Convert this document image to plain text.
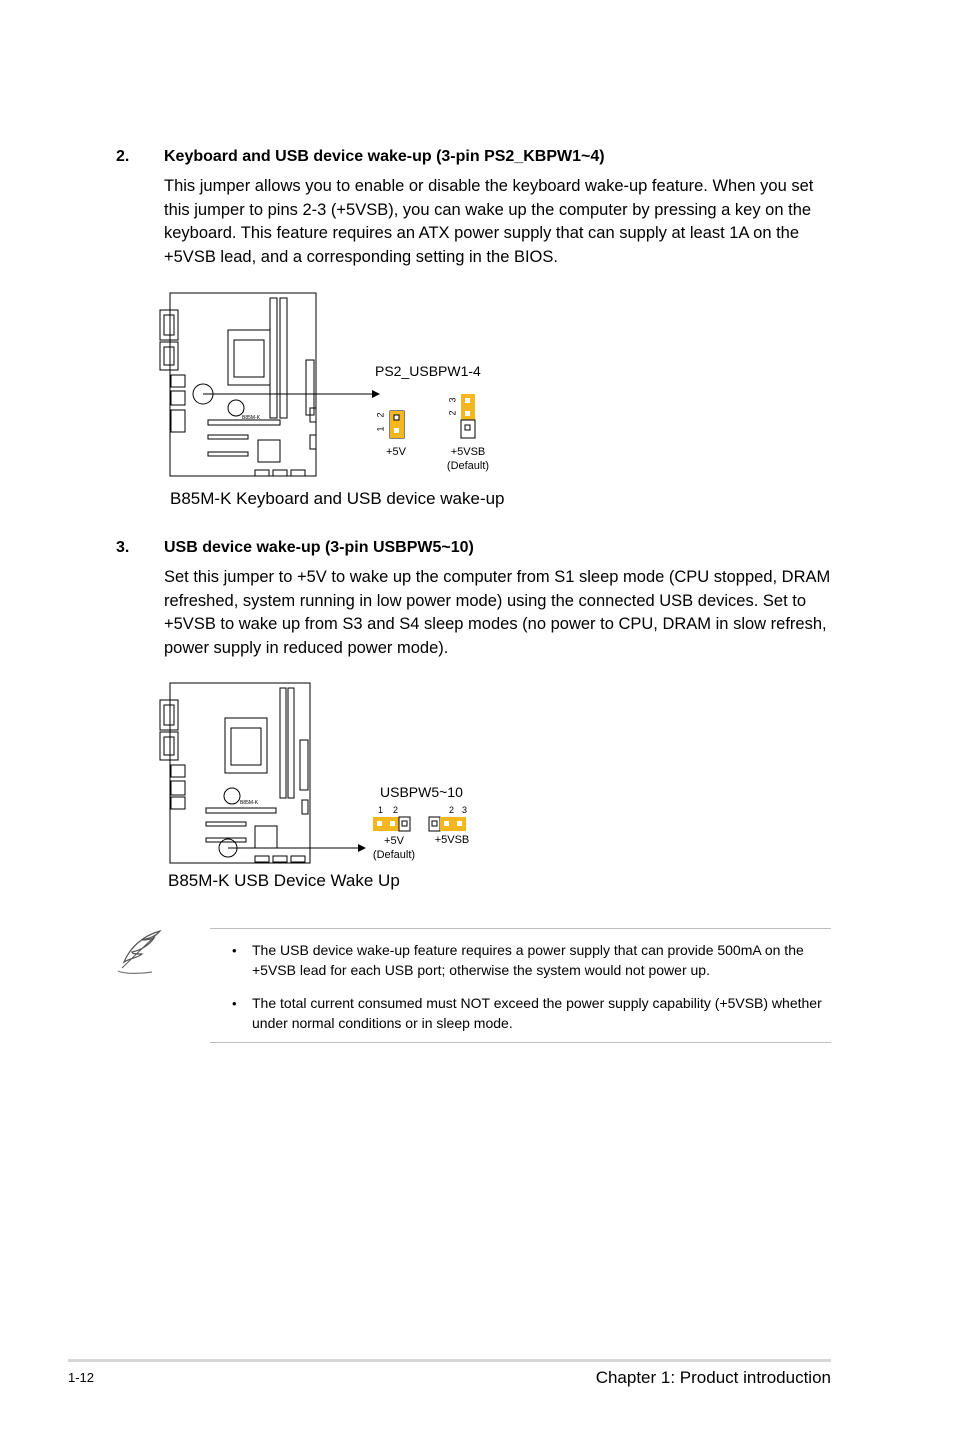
2. Keyboard and USB device wake-up (3-pin PS2_KBPW1~4)
This jumper allows you to enable or disable the keyboard wake-up feature. When you set this jumper to pins 2-3 (+5VSB), you can wake up the computer by pressing a key on the keyboard. This feature requires an ATX power supply that can supply at least 1A on the +5VSB lead, and a corresponding setting in the BIOS.
PS2_USBPW1-4
2
1
3
2
+5V	+5VSB
(Default)
B85M-K
B85M-K Keyboard and USB device wake-up
3. USB device wake-up (3-pin USBPW5~10)
Set this jumper to +5V to wake up the computer from S1 sleep mode (CPU stopped, DRAM refreshed, system running in low power mode) using the connected USB devices. Set to +5VSB to wake up from S3 and S4 sleep modes (no power to CPU, DRAM in slow refresh, power supply in reduced power mode).
USBPW5~10
1 2	2 3
+5V
(Default)
+5VSB
B85M-K
B85M-K USB Device Wake Up
• The USB device wake-up feature requires a power supply that can provide 500mA on the +5VSB lead for each USB port; otherwise the system would not power up.
• The total current consumed must NOT exceed the power supply capability (+5VSB) whether under normal conditions or in sleep mode.
1-12	Chapter 1: Product introduction
